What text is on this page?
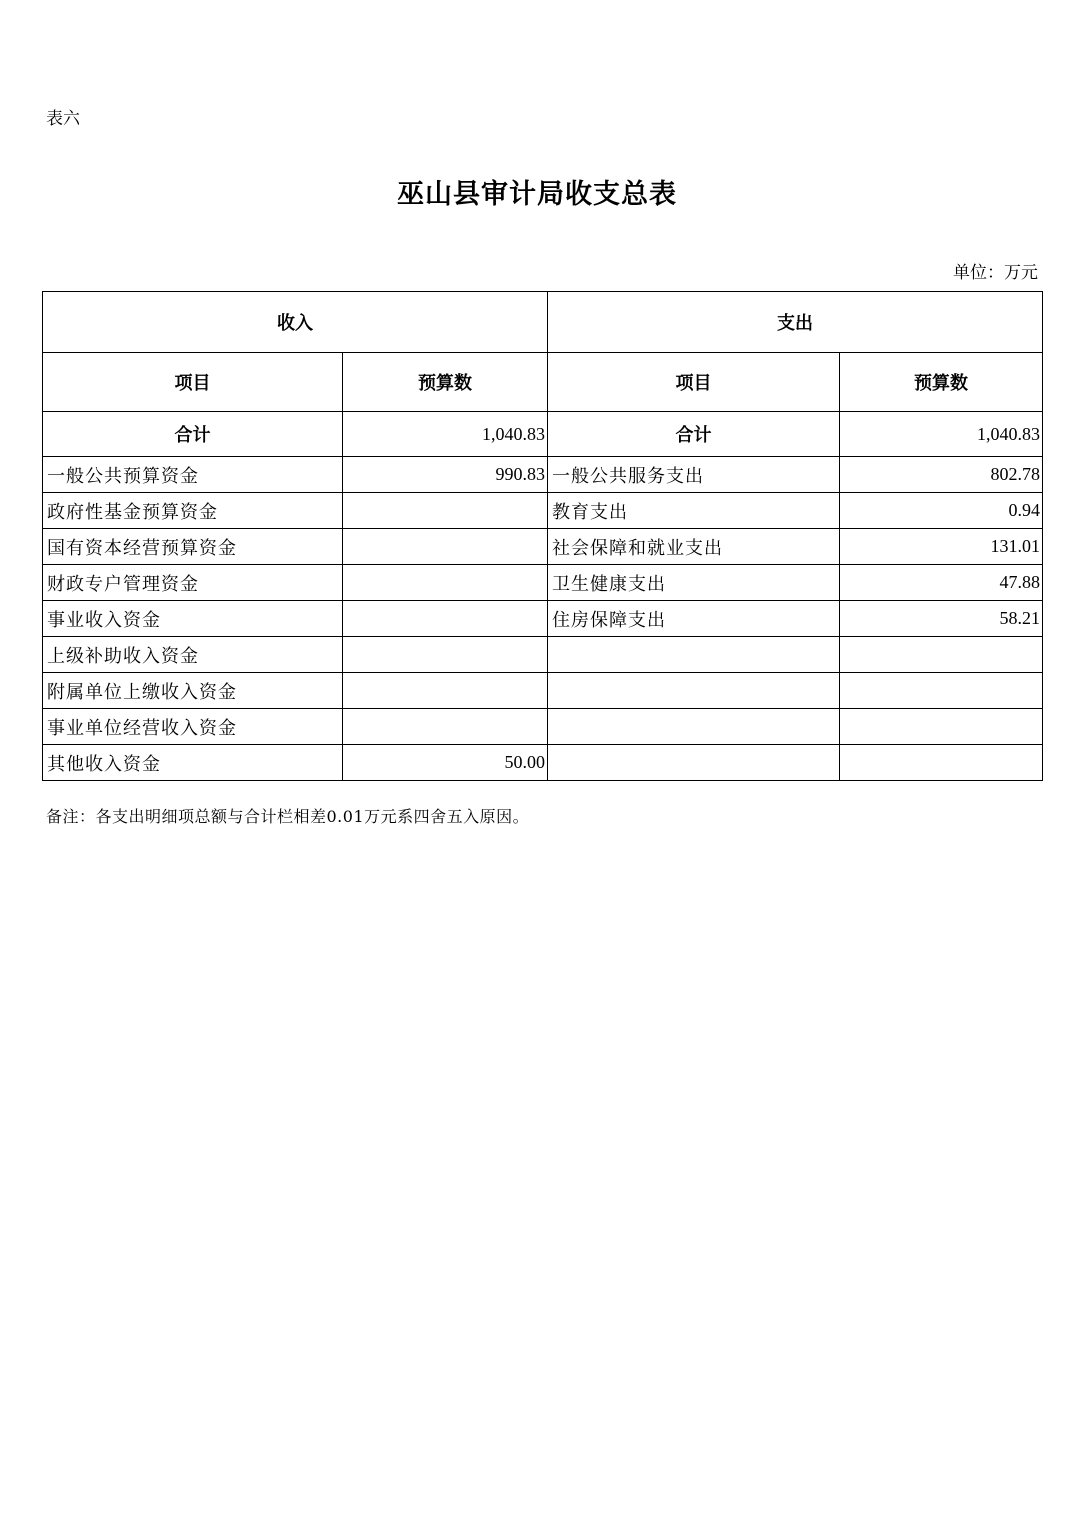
表六
巫山县审计局收支总表
单位：万元
收入		支出	
项目	预算数	项目	预算数
合计	1,040.83	合计	1,040.83
一般公共预算资金	990.83	一般公共服务支出	802.78
政府性基金预算资金		教育支出	0.94
国有资本经营预算资金		社会保障和就业支出	131.01
财政专户管理资金		卫生健康支出	47.88
事业收入资金		住房保障支出	58.21
上级补助收入资金			
附属单位上缴收入资金			
事业单位经营收入资金			
其他收入资金	50.00		
备注：各支出明细项总额与合计栏相差0.01万元系四舍五入原因。
